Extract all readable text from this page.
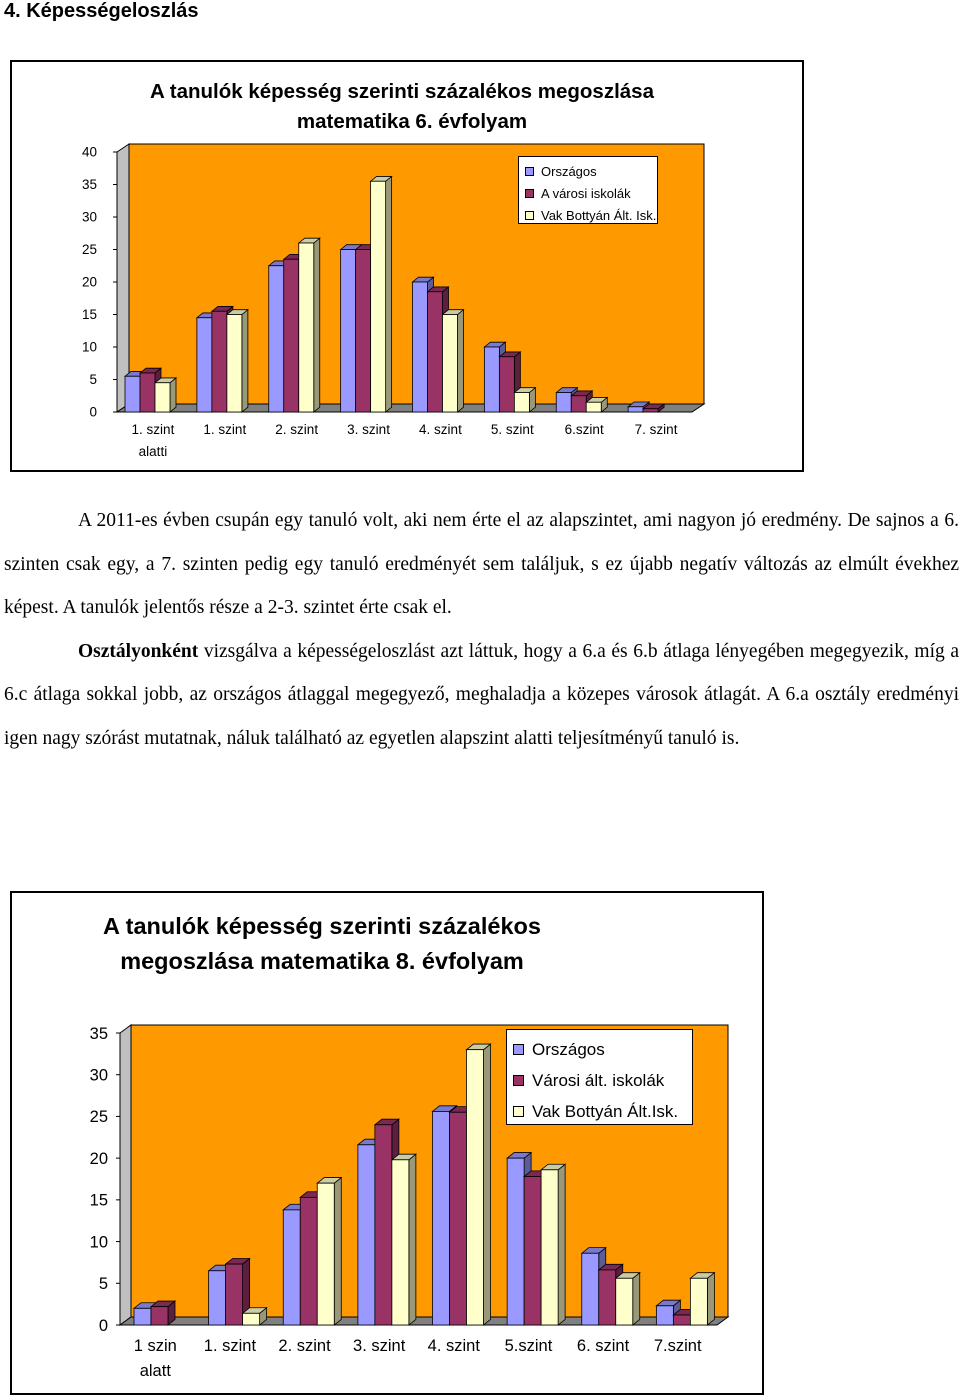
4. Képességeloszlás
A tanulók képesség szerinti százalékos megoszlása
matematika 6. évfolyam
0
5
10
15
20
25
30
35
40
1. szint
alatti
1. szint 2. szint 3. szint 4. szint 5. szint 6.szint 7. szint
Országos
A városi iskolák
Vak Bottyán Ált. Isk.

A 2011-es évben csupán egy tanuló volt, aki nem érte el az alapszintet, ami nagyon jó eredmény. De sajnos a 6. szinten csak egy, a 7. szinten pedig egy tanuló eredményét sem találjuk, s ez újabb negatív változás az elmúlt évekhez képest. A tanulók jelentős része a 2-3. szintet érte csak el.

Osztályonként vizsgálva a képességeloszlást azt láttuk, hogy a 6.a és 6.b átlaga lényegében megegyezik, míg a 6.c átlaga sokkal jobb, az országos átlaggal megegyező, meghaladja a közepes városok átlagát. A 6.a osztály eredményi igen nagy szórást mutatnak, náluk található az egyetlen alapszint alatti teljesítményű tanuló is.

A tanulók képesség szerinti százalékos
megoszlása matematika 8. évfolyam
0
5
10
15
20
25
30
35
1 szin
alatt
1. szint 2. szint 3. szint 4. szint 5.szint 6. szint 7.szint
Országos
Városi ált. iskolák
Vak Bottyán Ált.Isk.
